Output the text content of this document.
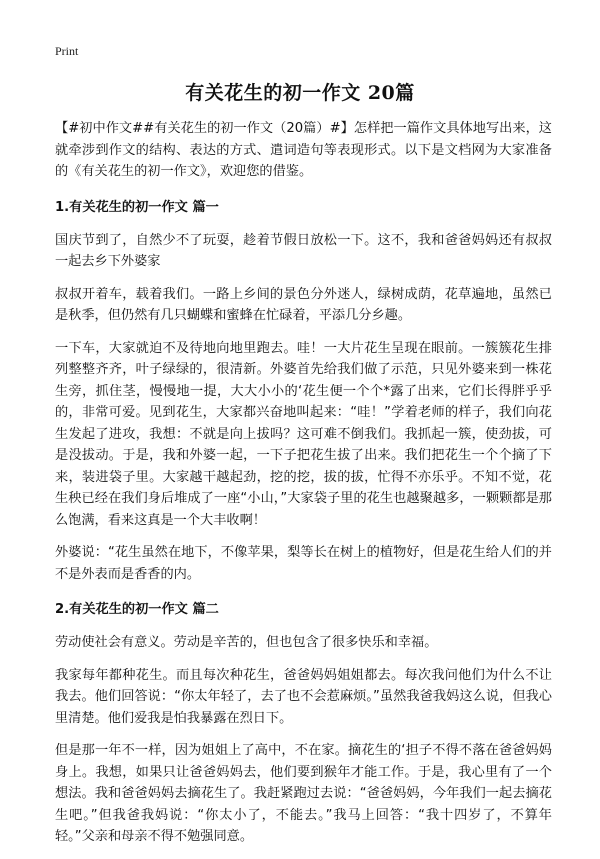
Print
有关花生的初一作文 20篇

【#初中作文##有关花生的初一作文（20篇）#】怎样把一篇作文具体地写出来，这就牵涉到作文的结构、表达的方式、遣词造句等表现形式。以下是文档网为大家准备的《有关花生的初一作文》，欢迎您的借鉴。

1.有关花生的初一作文 篇一

国庆节到了，自然少不了玩耍，趁着节假日放松一下。这不，我和爸爸妈妈还有叔叔一起去乡下外婆家

叔叔开着车，载着我们。一路上乡间的景色分外迷人，绿树成荫，花草遍地，虽然已是秋季，但仍然有几只蝴蝶和蜜蜂在忙碌着，平添几分乡趣。

一下车，大家就迫不及待地向地里跑去。哇！一大片花生呈现在眼前。一簇簇花生排列整整齐齐，叶子绿绿的，很清新。外婆首先给我们做了示范，只见外婆来到一株花生旁，抓住茎，慢慢地一提，大大小小的‘花生便一个个*露了出来，它们长得胖乎乎的，非常可爱。见到花生，大家都兴奋地叫起来：“哇！”学着老师的样子，我们向花生发起了进攻，我想：不就是向上拔吗？这可难不倒我们。我抓起一簇，使劲拔，可是没拔动。于是，我和外婆一起，一下子把花生拔了出来。我们把花生一个个摘了下来，装进袋子里。大家越干越起劲，挖的挖，拔的拔，忙得不亦乐乎。不知不觉，花生秧已经在我们身后堆成了一座“小山，”大家袋子里的花生也越聚越多，一颗颗都是那么饱满，看来这真是一个大丰收啊！

外婆说：“花生虽然在地下，不像苹果，梨等长在树上的植物好，但是花生给人们的并不是外表而是香香的内。

2.有关花生的初一作文 篇二

劳动使社会有意义。劳动是辛苦的，但也包含了很多快乐和幸福。

我家每年都种花生。而且每次种花生，爸爸妈妈姐姐都去。每次我问他们为什么不让我去。他们回答说：“你太年轻了，去了也不会惹麻烦。”虽然我爸我妈这么说，但我心里清楚。他们爱我是怕我暴露在烈日下。

但是那一年不一样，因为姐姐上了高中，不在家。摘花生的‘担子不得不落在爸爸妈妈身上。我想，如果只让爸爸妈妈去，他们要到猴年才能工作。于是，我心里有了一个想法。我和爸爸妈妈去摘花生了。我赶紧跑过去说：“爸爸妈妈，今年我们一起去摘花生吧。”但我爸我妈说：“你太小了，不能去。”我马上回答：“我十四岁了，不算年轻。”父亲和母亲不得不勉强同意。
